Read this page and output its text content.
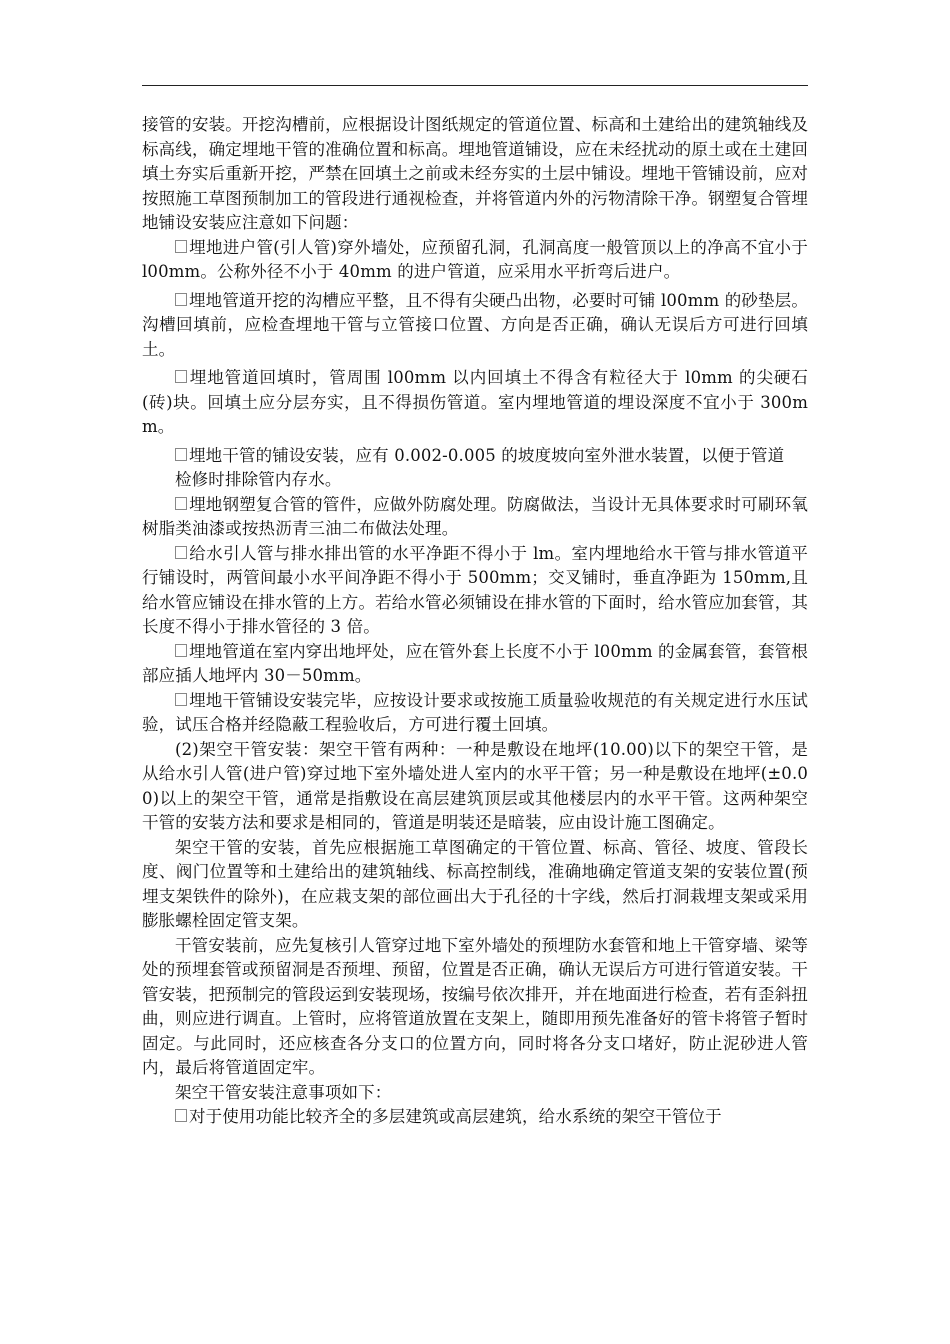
接管的安装。开挖沟槽前，应根据设计图纸规定的管道位置、标高和土建给出的建筑轴线及标高线，确定埋地干管的准确位置和标高。埋地管道铺设，应在未经扰动的原土或在土建回填土夯实后重新开挖，严禁在回填土之前或未经夯实的土层中铺设。埋地干管铺设前，应对按照施工草图预制加工的管段进行通视检查，并将管道内外的污物清除干净。钢塑复合管埋地铺设安装应注意如下问题：

埋地进户管(引人管)穿外墙处，应预留孔洞，孔洞高度一般管顶以上的净高不宜小于 l00mm。公称外径不小于 40mm 的进户管道，应采用水平折弯后进户。

埋地管道开挖的沟槽应平整，且不得有尖硬凸出物，必要时可铺 l00mm 的砂垫层。沟槽回填前，应检查埋地干管与立管接口位置、方向是否正确，确认无误后方可进行回填土。

埋地管道回填时，管周围 l00mm 以内回填土不得含有粒径大于 l0mm 的尖硬石(砖)块。回填土应分层夯实，且不得损伤管道。室内埋地管道的埋设深度不宜小于 300mm。

埋地干管的铺设安装，应有 0.002-0.005 的坡度坡向室外泄水装置，以便于管道

检修时排除管内存水。

埋地钢塑复合管的管件，应做外防腐处理。防腐做法，当设计无具体要求时可刷环氧树脂类油漆或按热沥青三油二布做法处理。

给水引人管与排水排出管的水平净距不得小于 lm。室内埋地给水干管与排水管道平行铺设时，两管间最小水平间净距不得小于 500mm；交叉铺时，垂直净距为 150mm,且给水管应铺设在排水管的上方。若给水管必须铺设在排水管的下面时，给水管应加套管，其长度不得小于排水管径的 3 倍。

埋地管道在室内穿出地坪处，应在管外套上长度不小于 l00mm 的金属套管，套管根部应插人地坪内 30－50mm。

埋地干管铺设安装完毕，应按设计要求或按施工质量验收规范的有关规定进行水压试验，试压合格并经隐蔽工程验收后，方可进行覆土回填。

(2)架空干管安装：架空干管有两种：一种是敷设在地坪(10.00)以下的架空干管，是从给水引人管(进户管)穿过地下室外墙处进人室内的水平干管；另一种是敷设在地坪(±0.00)以上的架空干管，通常是指敷设在高层建筑顶层或其他楼层内的水平干管。这两种架空干管的安装方法和要求是相同的，管道是明装还是暗装，应由设计施工图确定。

架空干管的安装，首先应根据施工草图确定的干管位置、标高、管径、坡度、管段长度、阀门位置等和土建给出的建筑轴线、标高控制线，准确地确定管道支架的安装位置(预埋支架铁件的除外)，在应栽支架的部位画出大于孔径的十字线，然后打洞栽埋支架或采用膨胀螺栓固定管支架。

干管安装前，应先复核引人管穿过地下室外墙处的预埋防水套管和地上干管穿墙、梁等处的预埋套管或预留洞是否预埋、预留，位置是否正确，确认无误后方可进行管道安装。干管安装，把预制完的管段运到安装现场，按编号依次排开，并在地面进行检查，若有歪斜扭曲，则应进行调直。上管时，应将管道放置在支架上，随即用预先准备好的管卡将管子暂时固定。与此同时，还应核查各分支口的位置方向，同时将各分支口堵好，防止泥砂进人管内，最后将管道固定牢。

架空干管安装注意事项如下：

对于使用功能比较齐全的多层建筑或高层建筑，给水系统的架空干管位于
